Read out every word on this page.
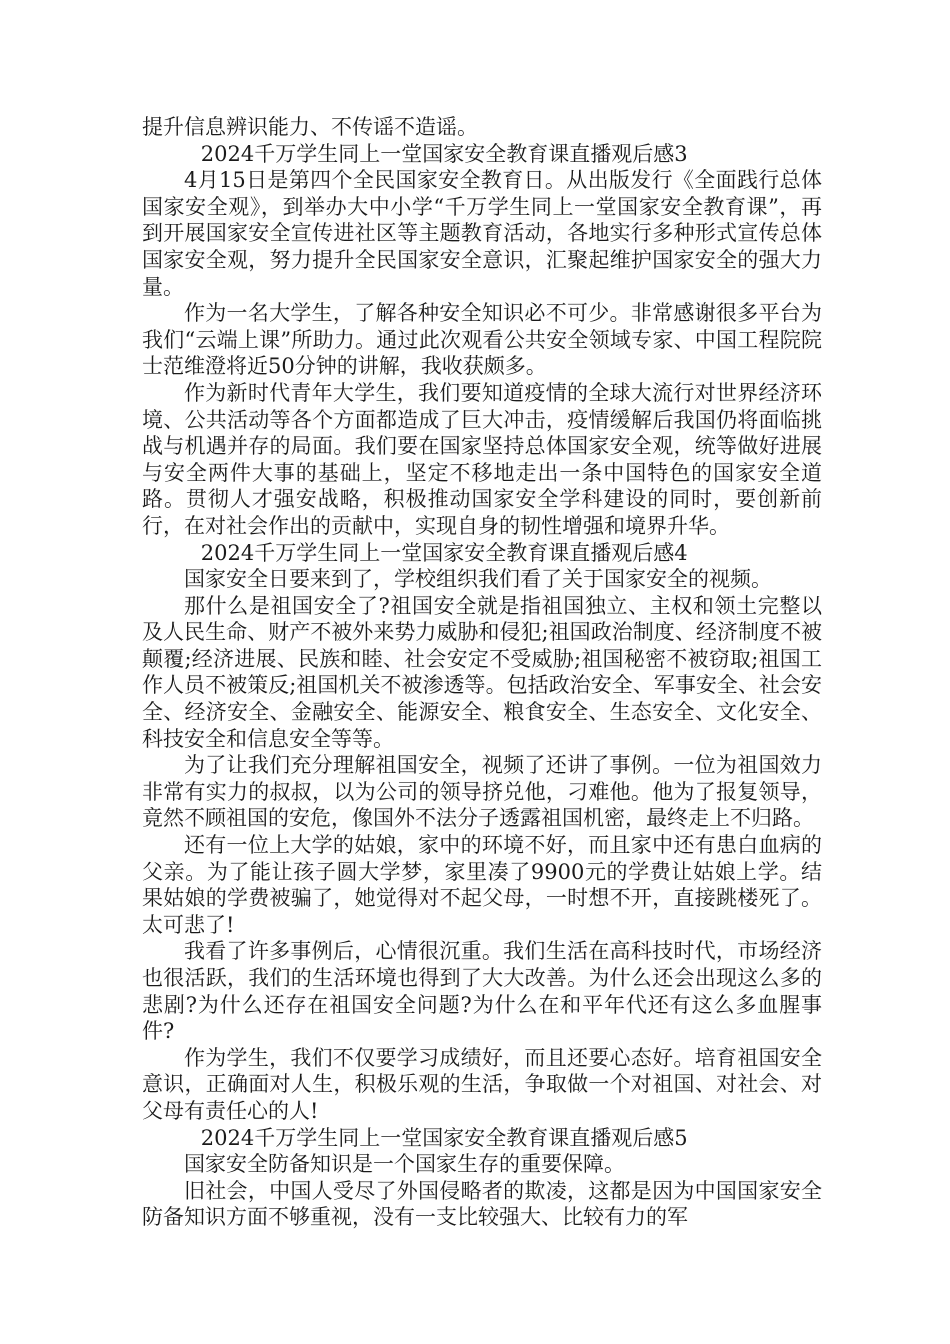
提升信息辨识能力、不传谣不造谣。

2024千万学生同上一堂国家安全教育课直播观后感3

4月15日是第四个全民国家安全教育日。从出版发行《全面践行总体国家安全观》，到举办大中小学“千万学生同上一堂国家安全教育课”，再到开展国家安全宣传进社区等主题教育活动，各地实行多种形式宣传总体国家安全观，努力提升全民国家安全意识，汇聚起维护国家安全的强大力量。

作为一名大学生，了解各种安全知识必不可少。非常感谢很多平台为我们“云端上课”所助力。通过此次观看公共安全领域专家、中国工程院院士范维澄将近50分钟的讲解，我收获颇多。

作为新时代青年大学生，我们要知道疫情的全球大流行对世界经济环境、公共活动等各个方面都造成了巨大冲击，疫情缓解后我国仍将面临挑战与机遇并存的局面。我们要在国家坚持总体国家安全观，统等做好进展与安全两件大事的基础上，坚定不移地走出一条中国特色的国家安全道路。贯彻人才强安战略，积极推动国家安全学科建设的同时，要创新前行，在对社会作出的贡献中，实现自身的韧性增强和境界升华。

2024千万学生同上一堂国家安全教育课直播观后感4

国家安全日要来到了，学校组织我们看了关于国家安全的视频。

那什么是祖国安全了?祖国安全就是指祖国独立、主权和领土完整以及人民生命、财产不被外来势力威胁和侵犯;祖国政治制度、经济制度不被颠覆;经济进展、民族和睦、社会安定不受威胁;祖国秘密不被窃取;祖国工作人员不被策反;祖国机关不被渗透等。包括政治安全、军事安全、社会安全、经济安全、金融安全、能源安全、粮食安全、生态安全、文化安全、科技安全和信息安全等等。

为了让我们充分理解祖国安全，视频了还讲了事例。一位为祖国效力非常有实力的叔叔，以为公司的领导挤兑他，刁难他。他为了报复领导，竟然不顾祖国的安危，像国外不法分子透露祖国机密，最终走上不归路。

还有一位上大学的姑娘，家中的环境不好，而且家中还有患白血病的父亲。为了能让孩子圆大学梦，家里凑了9900元的学费让姑娘上学。结果姑娘的学费被骗了，她觉得对不起父母，一时想不开，直接跳楼死了。太可悲了!

我看了许多事例后，心情很沉重。我们生活在高科技时代，市场经济也很活跃，我们的生活环境也得到了大大改善。为什么还会出现这么多的悲剧?为什么还存在祖国安全问题?为什么在和平年代还有这么多血腥事件?

作为学生，我们不仅要学习成绩好，而且还要心态好。培育祖国安全意识，正确面对人生，积极乐观的生活，争取做一个对祖国、对社会、对父母有责任心的人!

2024千万学生同上一堂国家安全教育课直播观后感5

国家安全防备知识是一个国家生存的重要保障。

旧社会，中国人受尽了外国侵略者的欺凌，这都是因为中国国家安全防备知识方面不够重视，没有一支比较强大、比较有力的军
